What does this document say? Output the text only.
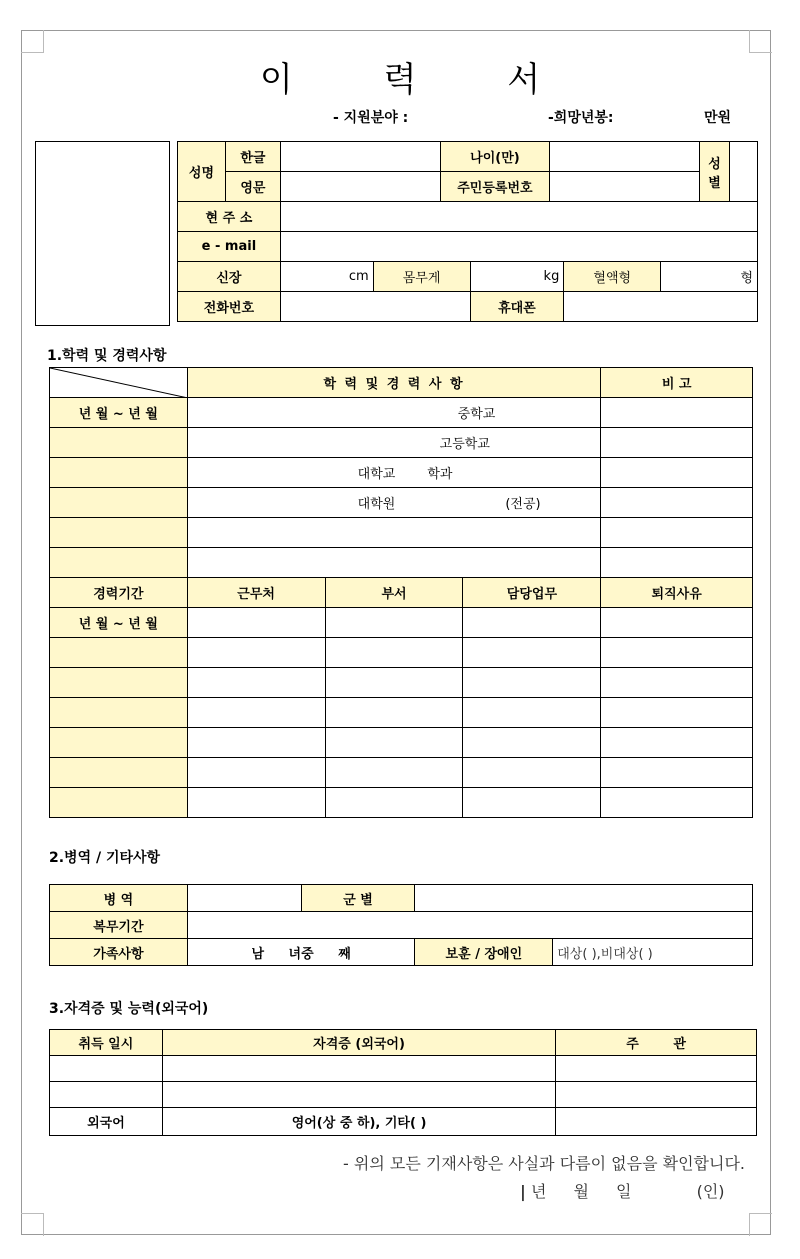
이 력 서
- 지원분야 :	-희망년봉:	만원
성명	한글		나이(만)		성 별	
	영문		주민등록번호			
현 주 소					
e - mail					
신장	cm	몸무게	kg	혈액형	형
전화번호			휴대폰		
1.학력 및 경력사항
	학 력 및 경 력 사 항			비 고
년 월 ~ 년 월	중학교			
	고등학교			
	대학교 학과			
	대학원 (전공)			

경력기간	근무처	부서	담당업무	퇴직사유
년 월 ~ 년 월				

2.병역 / 기타사항
병 역		군 별		
복무기간				
가족사항	남 녀중 째		보훈 / 장애인	대상( ),비대상( )
3.자격증 및 능력(외국어)
취득 일시	자격증 (외국어)	주 관

외국어	영어(상 중 하), 기타( )	
- 위의 모든 기재사항은 사실과 다름이 없음을 확인합니다.
| 년 월 일	(인)
